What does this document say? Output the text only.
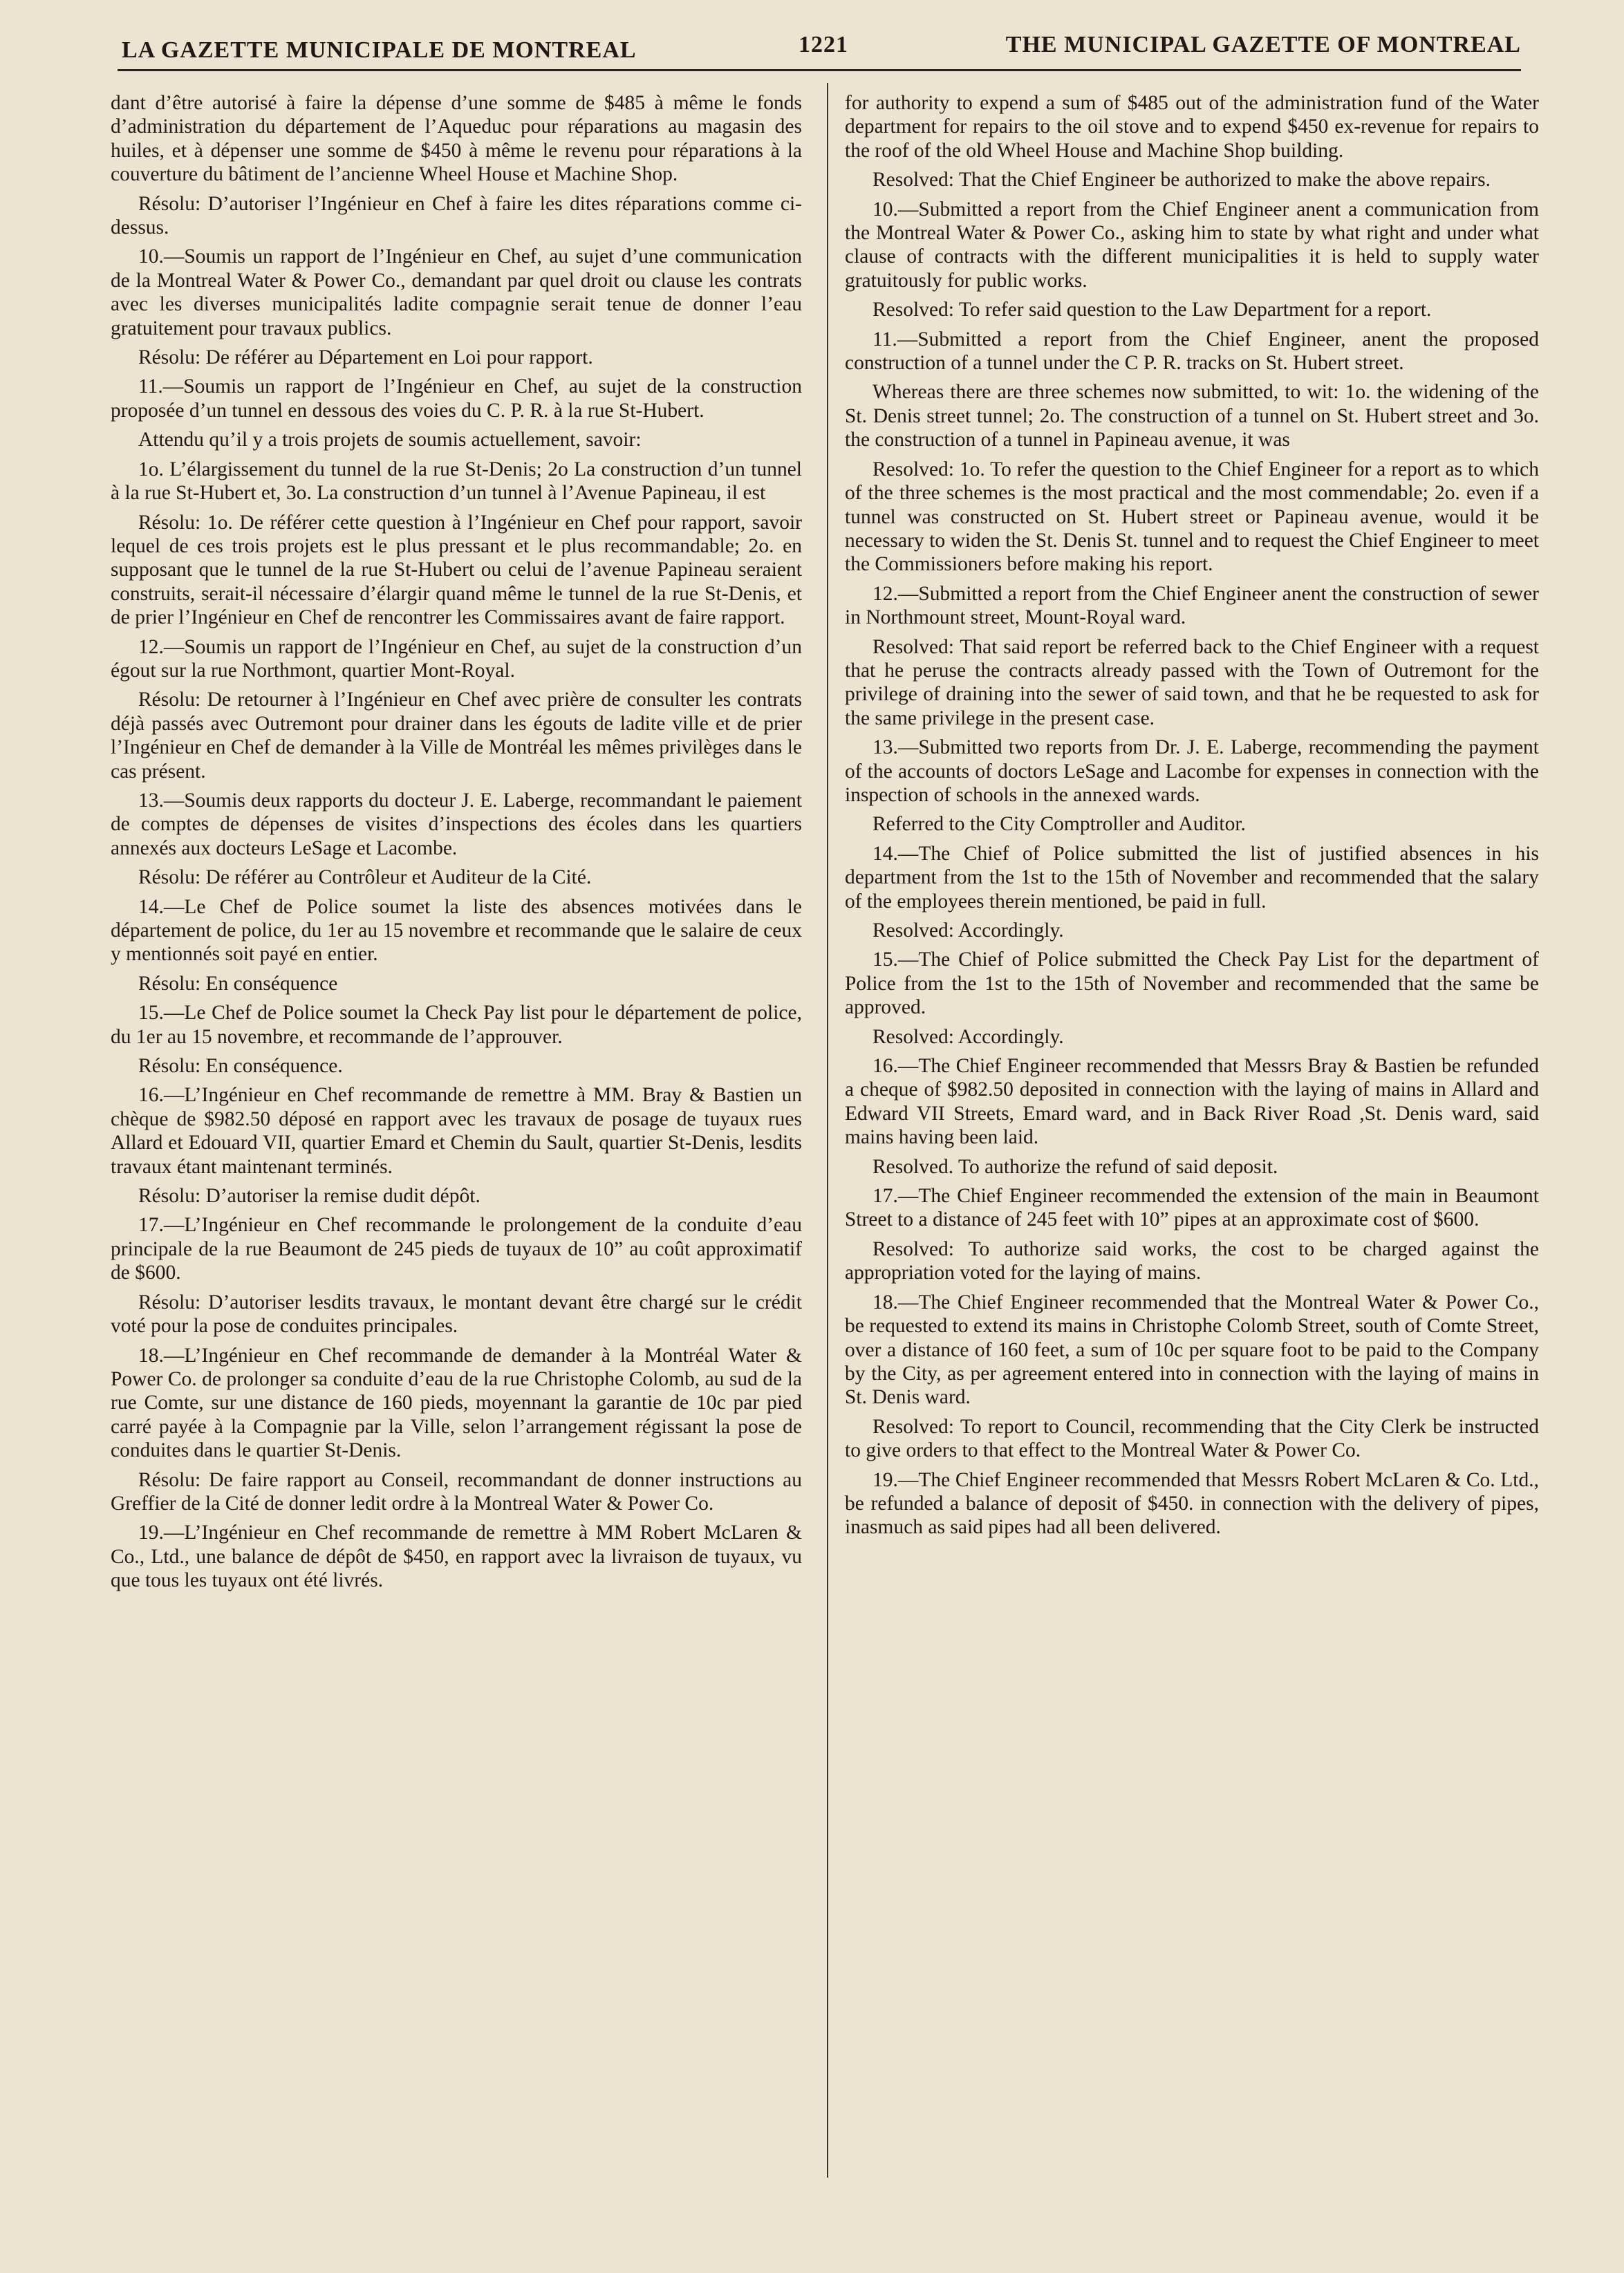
LA GAZETTE MUNICIPALE DE MONTREAL	1221	THE MUNICIPAL GAZETTE OF MONTREAL

dant d’être autorisé à faire la dépense d’une somme de $485 à même le fonds d’administration du département de l’Aqueduc pour réparations au magasin des huiles, et à dépenser une somme de $450 à même le revenu pour réparations à la couverture du bâtiment de l’ancienne Wheel House et Machine Shop.

Résolu: D’autoriser l’Ingénieur en Chef à faire les dites réparations comme ci-dessus.

10.—Soumis un rapport de l’Ingénieur en Chef, au sujet d’une communication de la Montreal Water & Power Co., demandant par quel droit ou clause les contrats avec les diverses municipalités ladite compagnie serait tenue de donner l’eau gratuitement pour travaux publics.

Résolu: De référer au Département en Loi pour rapport.

11.—Soumis un rapport de l’Ingénieur en Chef, au sujet de la construction proposée d’un tunnel en dessous des voies du C. P. R. à la rue St-Hubert.

Attendu qu’il y a trois projets de soumis actuellement, savoir:

1o. L’élargissement du tunnel de la rue St-Denis; 2o La construction d’un tunnel à la rue St-Hubert et, 3o. La construction d’un tunnel à l’Avenue Papineau, il est

Résolu: 1o. De référer cette question à l’Ingénieur en Chef pour rapport, savoir lequel de ces trois projets est le plus pressant et le plus recommandable; 2o. en supposant que le tunnel de la rue St-Hubert ou celui de l’avenue Papineau seraient construits, serait-il nécessaire d’élargir quand même le tunnel de la rue St-Denis, et de prier l’Ingénieur en Chef de rencontrer les Commissaires avant de faire rapport.

12.—Soumis un rapport de l’Ingénieur en Chef, au sujet de la construction d’un égout sur la rue Northmont, quartier Mont-Royal.

Résolu: De retourner à l’Ingénieur en Chef avec prière de consulter les contrats déjà passés avec Outremont pour drainer dans les égouts de ladite ville et de prier l’Ingénieur en Chef de demander à la Ville de Montréal les mêmes privilèges dans le cas présent.

13.—Soumis deux rapports du docteur J. E. Laberge, recommandant le paiement de comptes de dépenses de visites d’inspections des écoles dans les quartiers annexés aux docteurs LeSage et Lacombe.

Résolu: De référer au Contrôleur et Auditeur de la Cité.

14.—Le Chef de Police soumet la liste des absences motivées dans le département de police, du 1er au 15 novembre et recommande que le salaire de ceux y mentionnés soit payé en entier.

Résolu: En conséquence

15.—Le Chef de Police soumet la Check Pay list pour le département de police, du 1er au 15 novembre, et recommande de l’approuver.

Résolu: En conséquence.

16.—L’Ingénieur en Chef recommande de remettre à MM. Bray & Bastien un chèque de $982.50 déposé en rapport avec les travaux de posage de tuyaux rues Allard et Edouard VII, quartier Emard et Chemin du Sault, quartier St-Denis, lesdits travaux étant maintenant terminés.

Résolu: D’autoriser la remise dudit dépôt.

17.—L’Ingénieur en Chef recommande le prolongement de la conduite d’eau principale de la rue Beaumont de 245 pieds de tuyaux de 10” au coût approximatif de $600.

Résolu: D’autoriser lesdits travaux, le montant devant être chargé sur le crédit voté pour la pose de conduites principales.

18.—L’Ingénieur en Chef recommande de demander à la Montréal Water & Power Co. de prolonger sa conduite d’eau de la rue Christophe Colomb, au sud de la rue Comte, sur une distance de 160 pieds, moyennant la garantie de 10c par pied carré payée à la Compagnie par la Ville, selon l’arrangement régissant la pose de conduites dans le quartier St-Denis.

Résolu: De faire rapport au Conseil, recommandant de donner instructions au Greffier de la Cité de donner ledit ordre à la Montreal Water & Power Co.

19.—L’Ingénieur en Chef recommande de remettre à MM Robert McLaren & Co., Ltd., une balance de dépôt de $450, en rapport avec la livraison de tuyaux, vu que tous les tuyaux ont été livrés.

for authority to expend a sum of $485 out of the administration fund of the Water department for repairs to the oil stove and to expend $450 ex-revenue for repairs to the roof of the old Wheel House and Machine Shop building.

Resolved: That the Chief Engineer be authorized to make the above repairs.

10.—Submitted a report from the Chief Engineer anent a communication from the Montreal Water & Power Co., asking him to state by what right and under what clause of contracts with the different municipalities it is held to supply water gratuitously for public works.

Resolved: To refer said question to the Law Department for a report.

11.—Submitted a report from the Chief Engineer, anent the proposed construction of a tunnel under the C P. R. tracks on St. Hubert street.

Whereas there are three schemes now submitted, to wit: 1o. the widening of the St. Denis street tunnel; 2o. The construction of a tunnel on St. Hubert street and 3o. the construction of a tunnel in Papineau avenue, it was

Resolved: 1o. To refer the question to the Chief Engineer for a report as to which of the three schemes is the most practical and the most commendable; 2o. even if a tunnel was constructed on St. Hubert street or Papineau avenue, would it be necessary to widen the St. Denis St. tunnel and to request the Chief Engineer to meet the Commissioners before making his report.

12.—Submitted a report from the Chief Engineer anent the construction of sewer in Northmount street, Mount-Royal ward.

Resolved: That said report be referred back to the Chief Engineer with a request that he peruse the contracts already passed with the Town of Outremont for the privilege of draining into the sewer of said town, and that he be requested to ask for the same privilege in the present case.

13.—Submitted two reports from Dr. J. E. Laberge, recommending the payment of the accounts of doctors LeSage and Lacombe for expenses in connection with the inspection of schools in the annexed wards.

Referred to the City Comptroller and Auditor.

14.—The Chief of Police submitted the list of justified absences in his department from the 1st to the 15th of November and recommended that the salary of the employees therein mentioned, be paid in full.

Resolved: Accordingly.

15.—The Chief of Police submitted the Check Pay List for the department of Police from the 1st to the 15th of November and recommended that the same be approved.

Resolved: Accordingly.

16.—The Chief Engineer recommended that Messrs Bray & Bastien be refunded a cheque of $982.50 deposited in connection with the laying of mains in Allard and Edward VII Streets, Emard ward, and in Back River Road ,St. Denis ward, said mains having been laid.

Resolved. To authorize the refund of said deposit.

17.—The Chief Engineer recommended the extension of the main in Beaumont Street to a distance of 245 feet with 10” pipes at an approximate cost of $600.

Resolved: To authorize said works, the cost to be charged against the appropriation voted for the laying of mains.

18.—The Chief Engineer recommended that the Montreal Water & Power Co., be requested to extend its mains in Christophe Colomb Street, south of Comte Street, over a distance of 160 feet, a sum of 10c per square foot to be paid to the Company by the City, as per agreement entered into in connection with the laying of mains in St. Denis ward.

Resolved: To report to Council, recommending that the City Clerk be instructed to give orders to that effect to the Montreal Water & Power Co.

19.—The Chief Engineer recommended that Messrs Robert McLaren & Co. Ltd., be refunded a balance of deposit of $450. in connection with the delivery of pipes, inasmuch as said pipes had all been delivered.
